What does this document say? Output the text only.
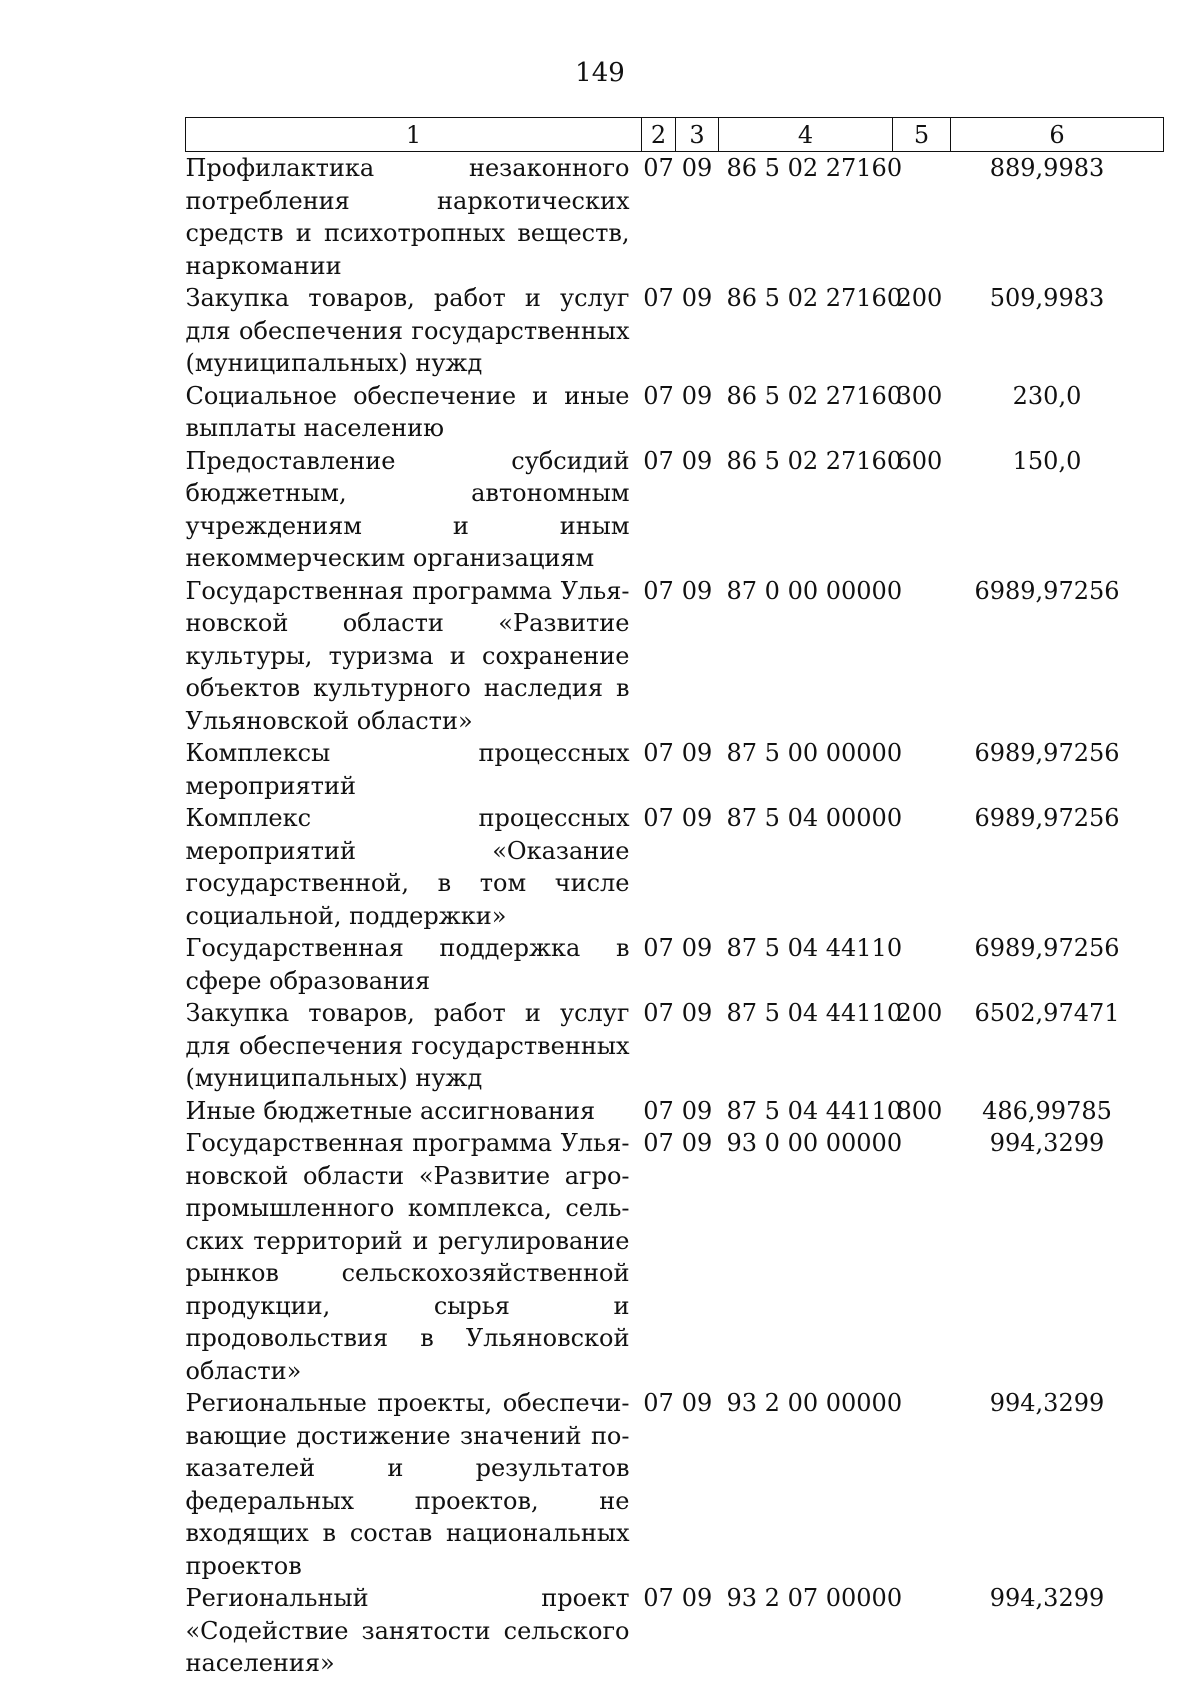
149
1	2	3	4	5	6
Профилактика незаконного потребления наркотических средств и психотропных веществ, наркомании	07	09	86 5 02 27160		889,9983
Закупка товаров, работ и услуг для обеспечения государственных (муниципальных) нужд	07	09	86 5 02 27160	200	509,9983
Социальное обеспечение и иные выплаты населению	07	09	86 5 02 27160	300	230,0
Предоставление субсидий бюджетным, автономным учреждениям и иным некоммерческим организациям	07	09	86 5 02 27160	600	150,0
Государственная программа Ульяновской области «Развитие культуры, туризма и сохранение объектов культурного наследия в Ульяновской области»	07	09	87 0 00 00000		6989,97256
Комплексы процессных мероприятий	07	09	87 5 00 00000		6989,97256
Комплекс процессных мероприятий «Оказание государственной, в том числе социальной, поддержки»	07	09	87 5 04 00000		6989,97256
Государственная поддержка в сфере образования	07	09	87 5 04 44110		6989,97256
Закупка товаров, работ и услуг для обеспечения государственных (муниципальных) нужд	07	09	87 5 04 44110	200	6502,97471
Иные бюджетные ассигнования	07	09	87 5 04 44110	800	486,99785
Государственная программа Ульяновской области «Развитие агропромышленного комплекса, сельских территорий и регулирование рынков сельскохозяйственной продукции, сырья и продовольствия в Ульяновской области»	07	09	93 0 00 00000		994,3299
Региональные проекты, обеспечивающие достижение значений показателей и результатов федеральных проектов, не входящих в состав национальных проектов	07	09	93 2 00 00000		994,3299
Региональный проект «Содействие занятости сельского населения»	07	09	93 2 07 00000		994,3299
